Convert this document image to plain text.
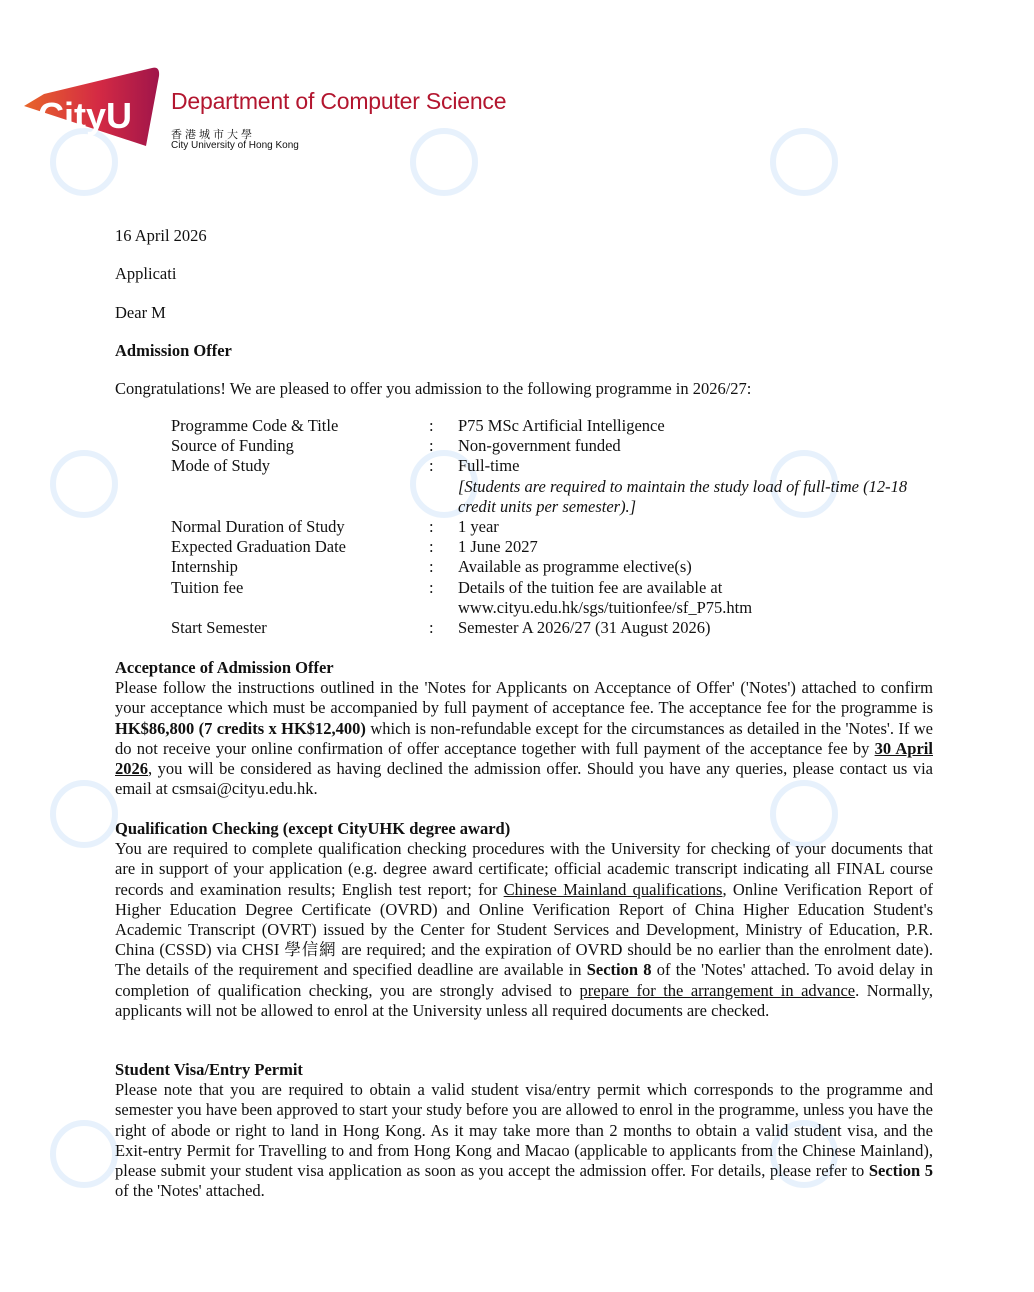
CityU Department of Computer Science
香港城市大學
City University of Hong Kong
16 April 2026
Applicati
Dear M
Admission Offer
Congratulations! We are pleased to offer you admission to the following programme in 2026/27:
Programme Code & Title	:	P75 MSc Artificial Intelligence
Source of Funding	:	Non-government funded
Mode of Study	:	Full-time
[Students are required to maintain the study load of full-time (12-18 credit units per semester).]
Normal Duration of Study	:	1 year
Expected Graduation Date	:	1 June 2027
Internship	:	Available as programme elective(s)
Tuition fee	:	Details of the tuition fee are available at
www.cityu.edu.hk/sgs/tuitionfee/sf_P75.htm
Start Semester	:	Semester A 2026/27 (31 August 2026)
Acceptance of Admission Offer

Please follow the instructions outlined in the 'Notes for Applicants on Acceptance of Offer' ('Notes') attached to confirm your acceptance which must be accompanied by full payment of acceptance fee. The acceptance fee for the programme is HK$86,800 (7 credits x HK$12,400) which is non-refundable except for the circumstances as detailed in the 'Notes'. If we do not receive your online confirmation of offer acceptance together with full payment of the acceptance fee by 30 April 2026, you will be considered as having declined the admission offer. Should you have any queries, please contact us via email at csmsai@cityu.edu.hk.

Qualification Checking (except CityUHK degree award)

You are required to complete qualification checking procedures with the University for checking of your documents that are in support of your application (e.g. degree award certificate; official academic transcript indicating all FINAL course records and examination results; English test report; for Chinese Mainland qualifications, Online Verification Report of Higher Education Degree Certificate (OVRD) and Online Verification Report of China Higher Education Student's Academic Transcript (OVRT) issued by the Center for Student Services and Development, Ministry of Education, P.R. China (CSSD) via CHSI 學信網 are required; and the expiration of OVRD should be no earlier than the enrolment date). The details of the requirement and specified deadline are available in Section 8 of the 'Notes' attached. To avoid delay in completion of qualification checking, you are strongly advised to prepare for the arrangement in advance. Normally, applicants will not be allowed to enrol at the University unless all required documents are checked.

Student Visa/Entry Permit

Please note that you are required to obtain a valid student visa/entry permit which corresponds to the programme and semester you have been approved to start your study before you are allowed to enrol in the programme, unless you have the right of abode or right to land in Hong Kong. As it may take more than 2 months to obtain a valid student visa, and the Exit-entry Permit for Travelling to and from Hong Kong and Macao (applicable to applicants from the Chinese Mainland), please submit your student visa application as soon as you accept the admission offer. For details, please refer to Section 5 of the 'Notes' attached.
